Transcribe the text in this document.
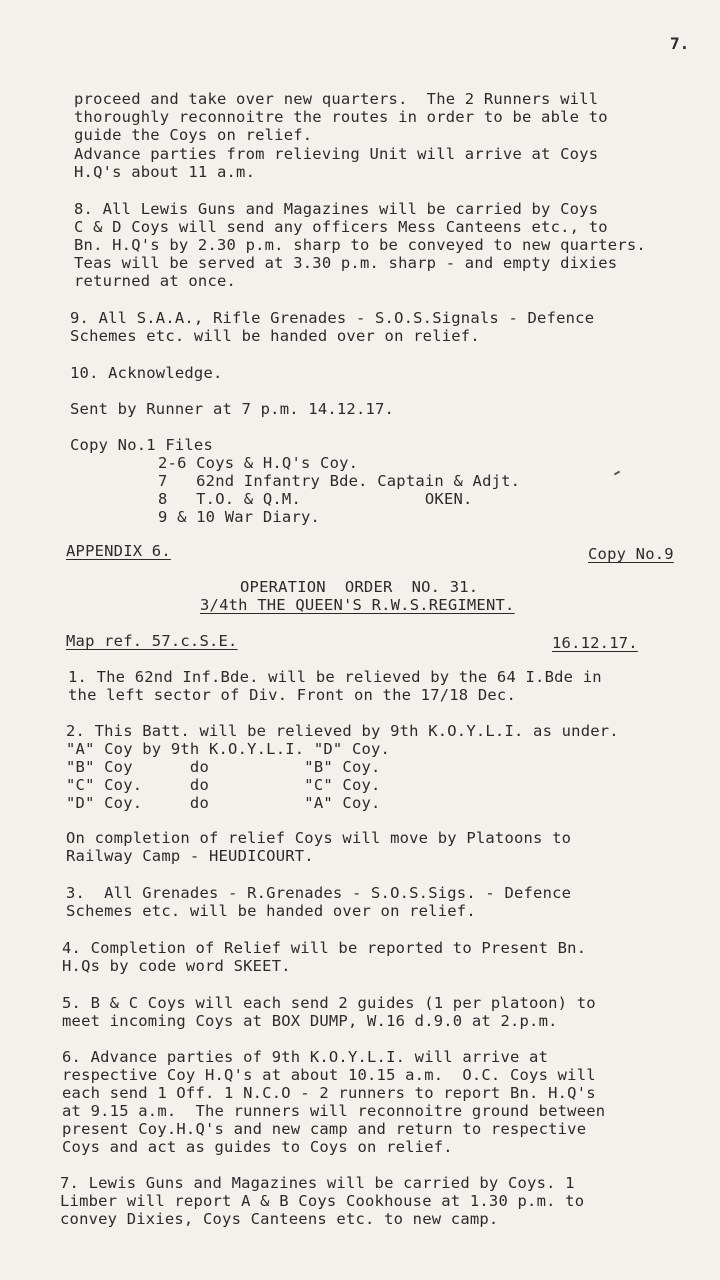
7.
proceed and take over new quarters.  The 2 Runners will
thoroughly reconnoitre the routes in order to be able to
guide the Coys on relief.
Advance parties from relieving Unit will arrive at Coys
H.Q's about 11 a.m.
8. All Lewis Guns and Magazines will be carried by Coys
C & D Coys will send any officers Mess Canteens etc., to
Bn. H.Q's by 2.30 p.m. sharp to be conveyed to new quarters.
Teas will be served at 3.30 p.m. sharp - and empty dixies
returned at once.
9. All S.A.A., Rifle Grenades - S.O.S.Signals - Defence
Schemes etc. will be handed over on relief.
10. Acknowledge.
Sent by Runner at 7 p.m. 14.12.17.
Copy No.1 Files
2-6 Coys & H.Q's Coy.
7   62nd Infantry Bde. Captain & Adjt.
8   T.O. & Q.M.             OKEN.
9 & 10 War Diary.
APPENDIX 6.	Copy No.9
OPERATION  ORDER  NO. 31.
3/4th THE QUEEN'S R.W.S.REGIMENT.
Map ref. 57.c.S.E.	16.12.17.
1. The 62nd Inf.Bde. will be relieved by the 64 I.Bde in
the left sector of Div. Front on the 17/18 Dec.
2. This Batt. will be relieved by 9th K.O.Y.L.I. as under.
"A" Coy by 9th K.O.Y.L.I. "D" Coy.
"B" Coy      do          "B" Coy.
"C" Coy.     do          "C" Coy.
"D" Coy.     do          "A" Coy.
On completion of relief Coys will move by Platoons to
Railway Camp - HEUDICOURT.
3.  All Grenades - R.Grenades - S.O.S.Sigs. - Defence
Schemes etc. will be handed over on relief.
4. Completion of Relief will be reported to Present Bn.
H.Qs by code word SKEET.
5. B & C Coys will each send 2 guides (1 per platoon) to
meet incoming Coys at BOX DUMP, W.16 d.9.0 at 2.p.m.
6. Advance parties of 9th K.O.Y.L.I. will arrive at
respective Coy H.Q's at about 10.15 a.m.  O.C. Coys will
each send 1 Off. 1 N.C.O - 2 runners to report Bn. H.Q's
at 9.15 a.m.  The runners will reconnoitre ground between
present Coy.H.Q's and new camp and return to respective
Coys and act as guides to Coys on relief.
7. Lewis Guns and Magazines will be carried by Coys. 1
Limber will report A & B Coys Cookhouse at 1.30 p.m. to
convey Dixies, Coys Canteens etc. to new camp.
